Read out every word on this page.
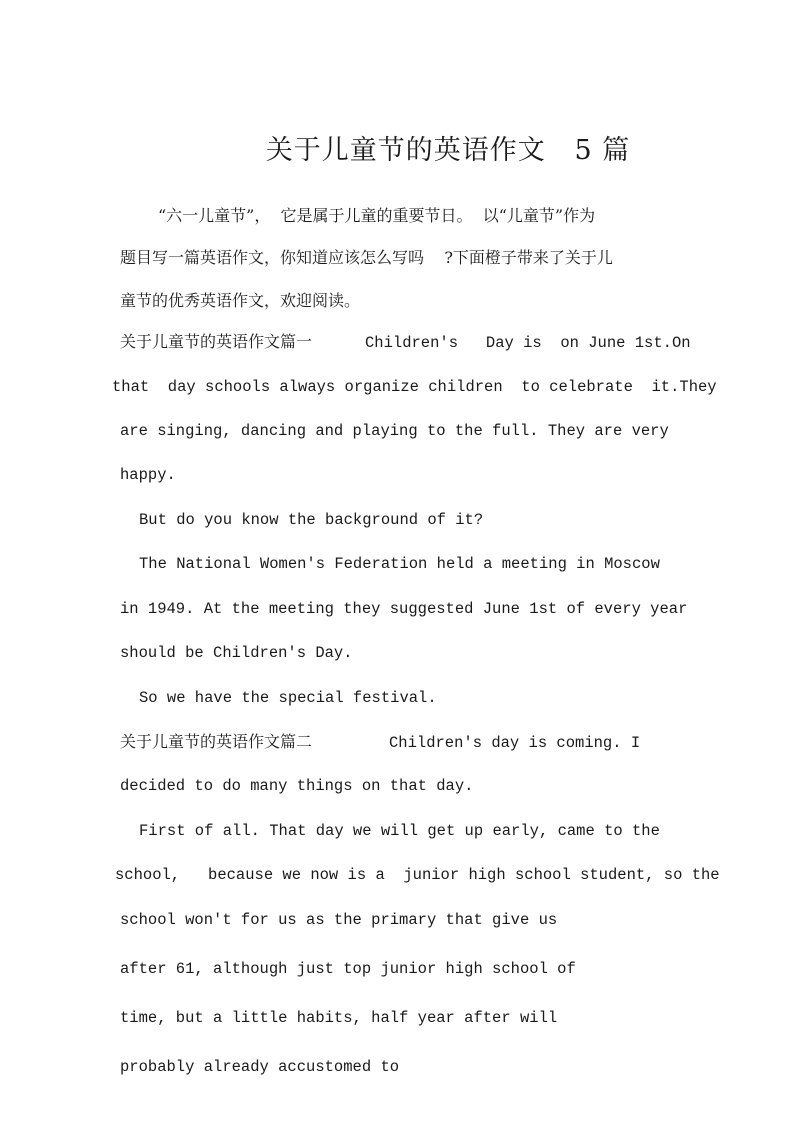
关于儿童节的英语作文   5 篇
“六一儿童节”，  它是属于儿童的重要节日。  以“儿童节”作为
题目写一篇英语作文，你知道应该怎么写吗    ?下面橙子带来了关于儿
童节的优秀英语作文，欢迎阅读。
关于儿童节的英语作文篇一	Children's   Day is  on June 1st.On
that  day schools always organize children  to celebrate  it.They
are singing, dancing and playing to the full. They are very
happy.
But do you know the background of it?
The National Women's Federation held a meeting in Moscow
in 1949. At the meeting they suggested June 1st of every year
should be Children's Day.
So we have the special festival.
关于儿童节的英语作文篇二	Children's day is coming. I
decided to do many things on that day.
First of all. That day we will get up early, came to the
school,   because we now is a  junior high school student, so the
school won't for us as the primary that give us
after 61, although just top junior high school of
time, but a little habits, half year after will
probably already accustomed to
